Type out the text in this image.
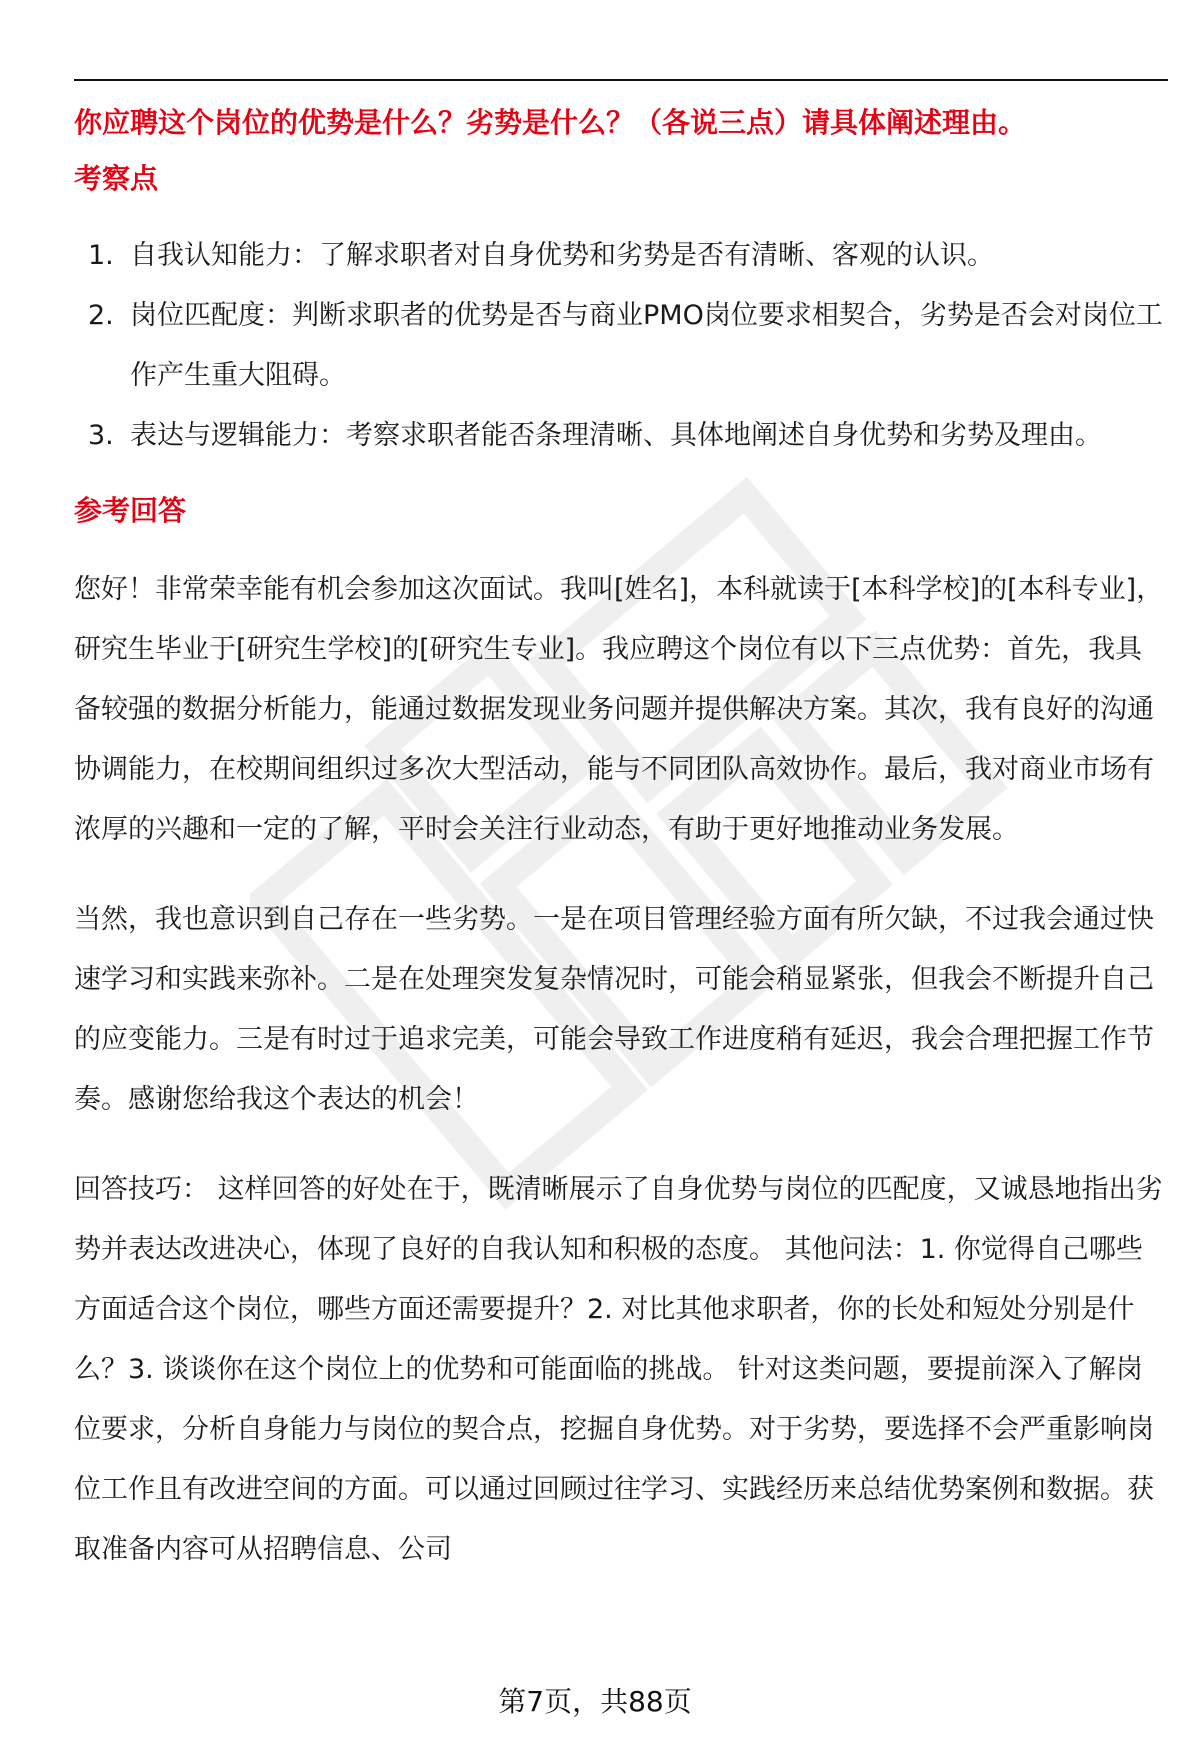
你应聘这个岗位的优势是什么？劣势是什么？（各说三点）请具体阐述理由。

考察点

1. 自我认知能力：了解求职者对自身优势和劣势是否有清晰、客观的认识。
2. 岗位匹配度：判断求职者的优势是否与商业PMO岗位要求相契合，劣势是否会对岗位工作产生重大阻碍。
3. 表达与逻辑能力：考察求职者能否条理清晰、具体地阐述自身优势和劣势及理由。

参考回答

您好！非常荣幸能有机会参加这次面试。我叫[姓名]，本科就读于[本科学校]的[本科专业]，研究生毕业于[研究生学校]的[研究生专业]。我应聘这个岗位有以下三点优势：首先，我具备较强的数据分析能力，能通过数据发现业务问题并提供解决方案。其次，我有良好的沟通协调能力，在校期间组织过多次大型活动，能与不同团队高效协作。最后，我对商业市场有浓厚的兴趣和一定的了解，平时会关注行业动态，有助于更好地推动业务发展。

当然，我也意识到自己存在一些劣势。一是在项目管理经验方面有所欠缺，不过我会通过快速学习和实践来弥补。二是在处理突发复杂情况时，可能会稍显紧张，但我会不断提升自己的应变能力。三是有时过于追求完美，可能会导致工作进度稍有延迟，我会合理把握工作节奏。感谢您给我这个表达的机会！

回答技巧： 这样回答的好处在于，既清晰展示了自身优势与岗位的匹配度，又诚恳地指出劣势并表达改进决心，体现了良好的自我认知和积极的态度。 其他问法：1. 你觉得自己哪些方面适合这个岗位，哪些方面还需要提升？2. 对比其他求职者，你的长处和短处分别是什么？3. 谈谈你在这个岗位上的优势和可能面临的挑战。 针对这类问题，要提前深入了解岗位要求，分析自身能力与岗位的契合点，挖掘自身优势。对于劣势，要选择不会严重影响岗位工作且有改进空间的方面。可以通过回顾过往学习、实践经历来总结优势案例和数据。获取准备内容可从招聘信息、公司

第7页，共88页
